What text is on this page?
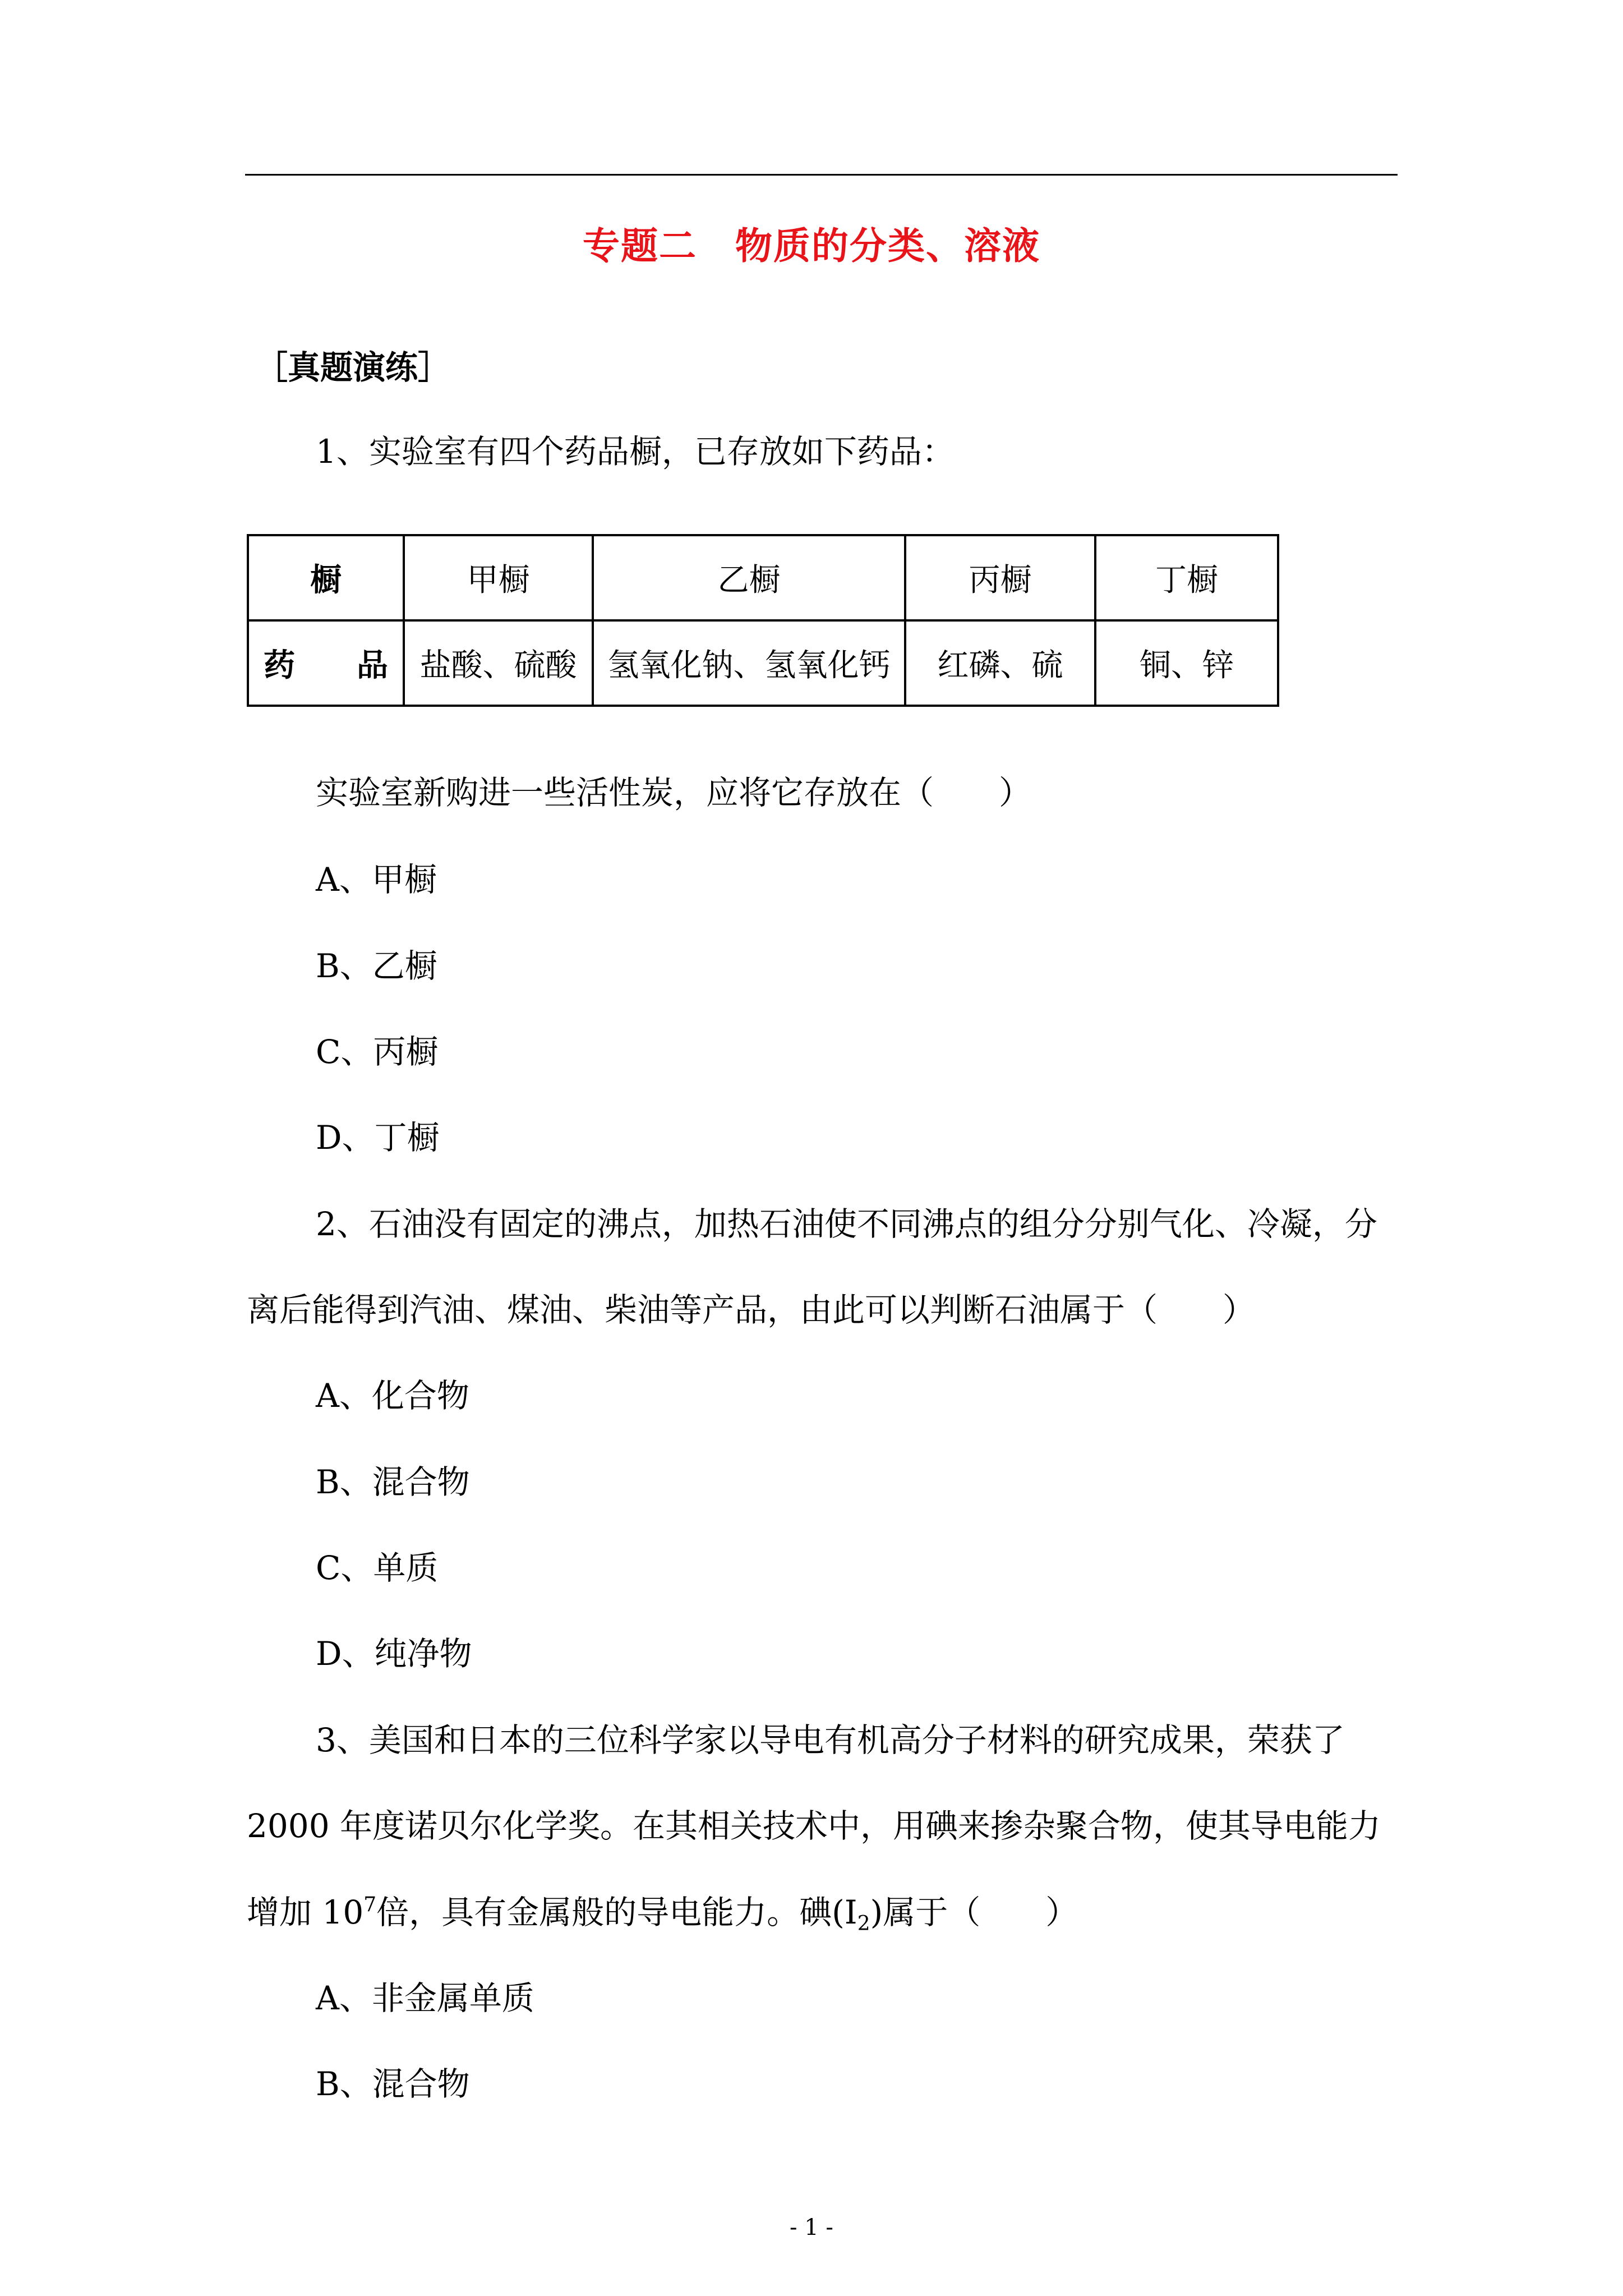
专题二　物质的分类、溶液
［真题演练］
1、实验室有四个药品橱，已存放如下药品：
橱	甲橱	乙橱	丙橱	丁橱

药 品	盐酸、硫酸	氢氧化钠、氢氧化钙	红磷、硫	铜、锌
实验室新购进一些活性炭，应将它存放在（　　）
A、甲橱
B、乙橱
C、丙橱
D、丁橱
2、石油没有固定的沸点，加热石油使不同沸点的组分分别气化、冷凝，分
离后能得到汽油、煤油、柴油等产品，由此可以判断石油属于（　　）
A、化合物
B、混合物
C、单质
D、纯净物
3、美国和日本的三位科学家以导电有机高分子材料的研究成果，荣获了
2000 年度诺贝尔化学奖。在其相关技术中，用碘来掺杂聚合物，使其导电能力
增加 $10^7$倍，具有金属般的导电能力。碘$(I_2)$属于（　　）
A、非金属单质
B、混合物
- 1 -
